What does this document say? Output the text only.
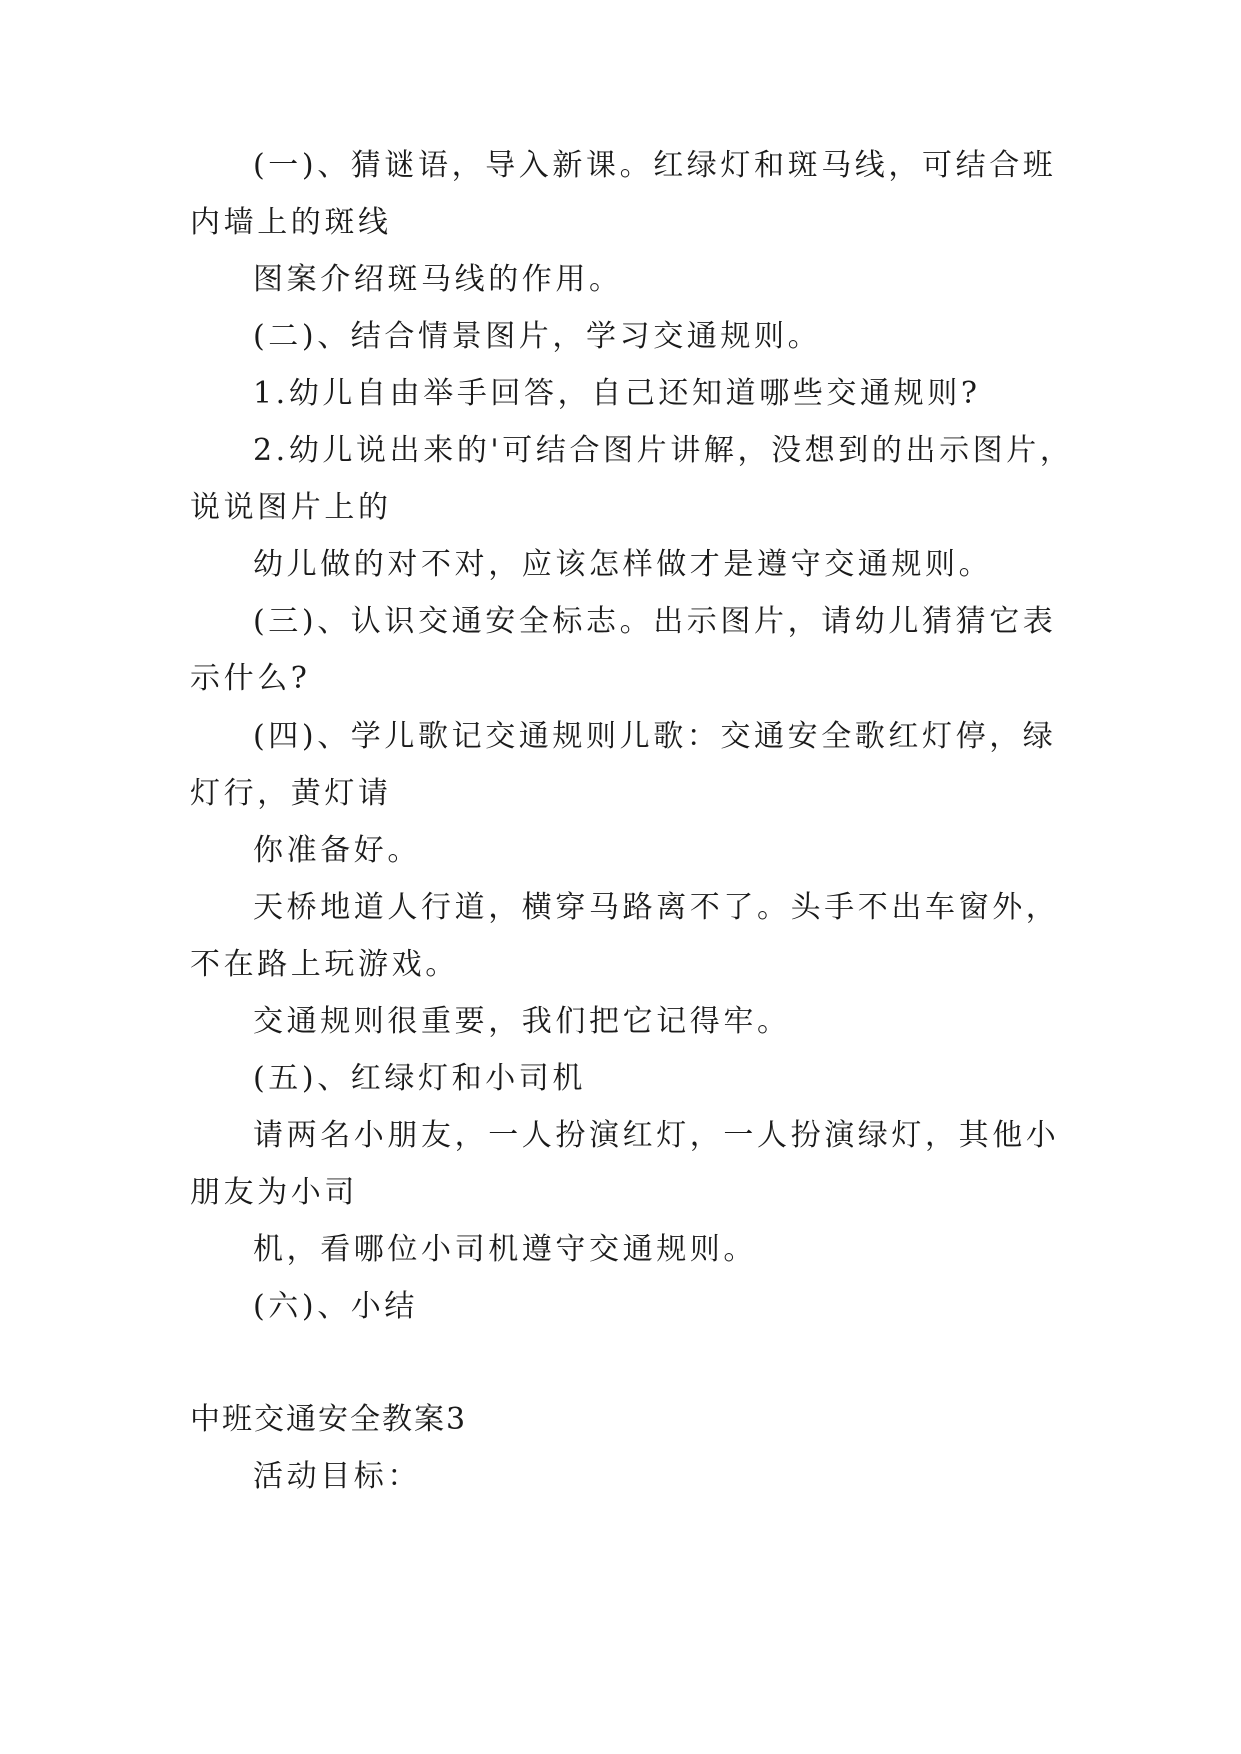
(一)、猜谜语，导入新课。红绿灯和斑马线，可结合班
内墙上的斑线
图案介绍斑马线的作用。
(二)、结合情景图片，学习交通规则。
1.幼儿自由举手回答，自己还知道哪些交通规则?
2.幼儿说出来的'可结合图片讲解，没想到的出示图片，
说说图片上的
幼儿做的对不对，应该怎样做才是遵守交通规则。
(三)、认识交通安全标志。出示图片，请幼儿猜猜它表
示什么?
(四)、学儿歌记交通规则儿歌：交通安全歌红灯停，绿
灯行，黄灯请
你准备好。
天桥地道人行道，横穿马路离不了。头手不出车窗外，
不在路上玩游戏。
交通规则很重要，我们把它记得牢。
(五)、红绿灯和小司机
请两名小朋友，一人扮演红灯，一人扮演绿灯，其他小
朋友为小司
机，看哪位小司机遵守交通规则。
(六)、小结
中班交通安全教案3
活动目标：
